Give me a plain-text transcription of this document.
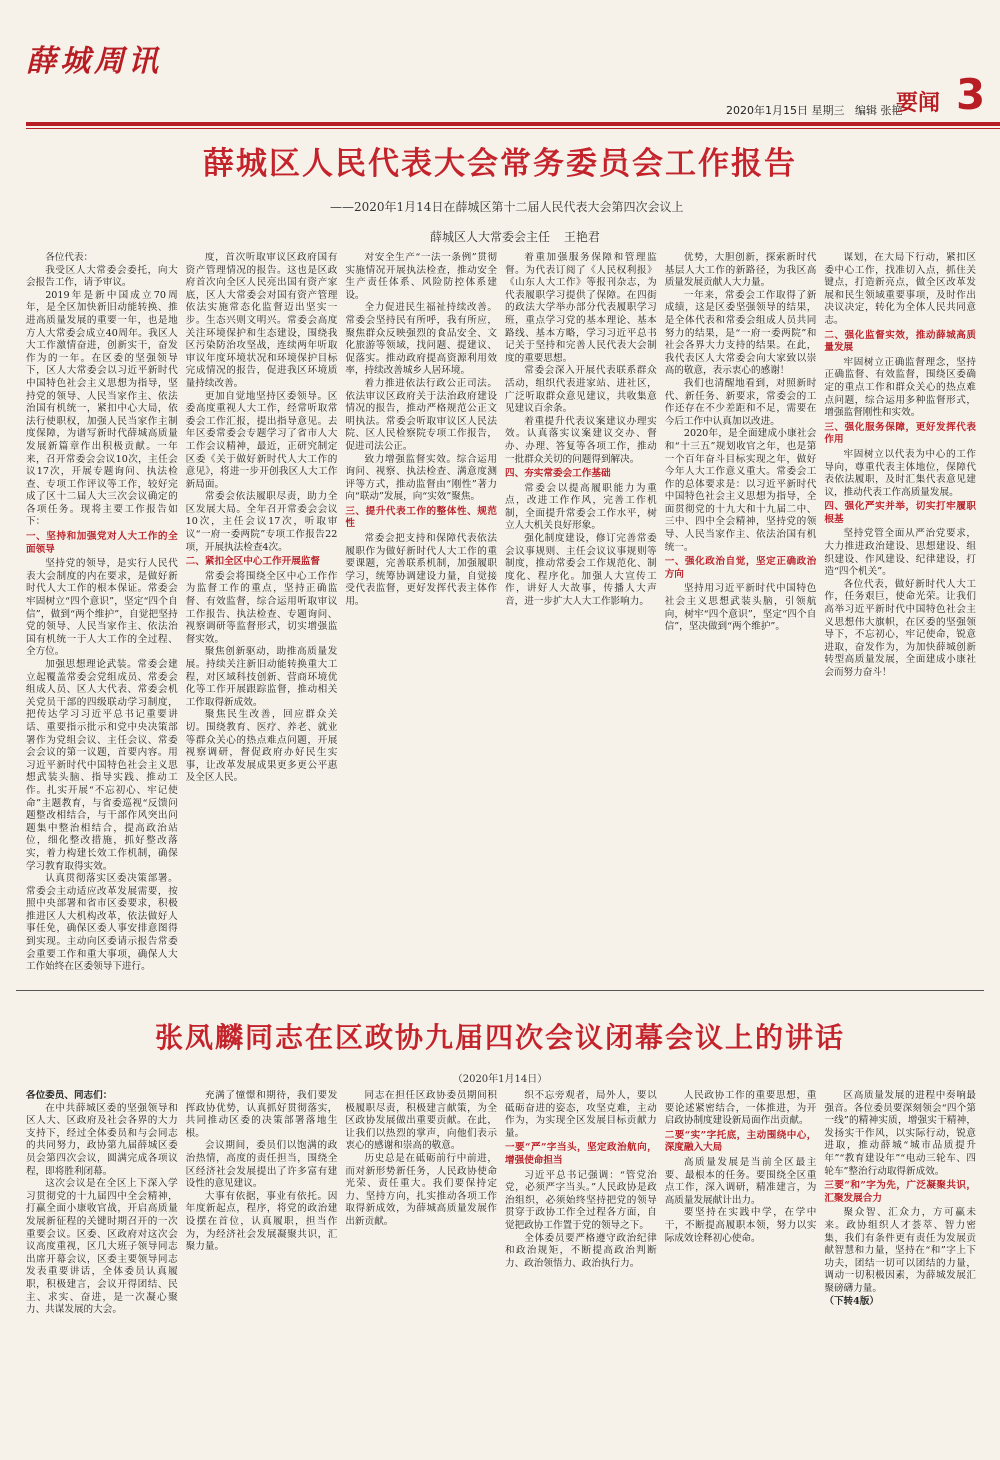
薛城周讯
2020年1月15日 星期三 编辑 张艳
要闻 3
薛城区人民代表大会常务委员会工作报告
——2020年1月14日在薛城区第十二届人民代表大会第四次会议上
薛城区人大常委会主任 王艳君

各位代表：

我受区人大常委会委托，向大会报告工作，请予审议。

2019年是新中国成立70周年，是全区加快新旧动能转换、推进高质量发展的重要一年，也是地方人大常委会成立40周年。我区人大工作激情奋进，创新实干，奋发作为的一年。在区委的坚强领导下，区人大常委会以习近平新时代中国特色社会主义思想为指导，坚持党的领导、人民当家作主、依法治国有机统一，紧扣中心大局，依法行使职权，加强人民当家作主制度保障，为谱写新时代薛城高质量发展新篇章作出积极贡献。一年来，召开常委会会议10次，主任会议17次，开展专题询问、执法检查、专项工作评议等工作，较好完成了区十二届人大三次会议确定的各项任务。现将主要工作报告如下：

一、坚持和加强党对人大工作的全面领导

坚持党的领导，是实行人民代表大会制度的内在要求，是做好新时代人大工作的根本保证。常委会牢固树立“四个意识”，坚定“四个自信”，做到“两个维护”，自觉把坚持党的领导、人民当家作主、依法治国有机统一于人大工作的全过程、全方位。

加强思想理论武装。常委会建立起覆盖常委会党组成员、常委会组成人员、区人大代表、常委会机关党员干部的四级联动学习制度，把传达学习习近平总书记重要讲话、重要指示批示和党中央决策部署作为党组会议、主任会议、常委会会议的第一议题，首要内容。用习近平新时代中国特色社会主义思想武装头脑、指导实践、推动工作。扎实开展“不忘初心、牢记使命”主题教育，与省委巡视“反馈问题整改相结合，与干部作风突出问题集中整治相结合，提高政治站位，细化整改措施，抓好整改落实，着力构建长效工作机制，确保学习教育取得实效。

认真贯彻落实区委决策部署。常委会主动适应改革发展需要，按照中央部署和省市区委要求，积极推进区人大机构改革，依法做好人事任免，确保区委人事安排意图得到实现。主动向区委请示报告常委会重要工作和重大事项，确保人大工作始终在区委领导下进行。

度，首次听取审议区政府国有资产管理情况的报告。这也是区政府首次向全区人民亮出国有资产家底，区人大常委会对国有资产管理依法实施常态化监督迈出坚实一步。生态兴则文明兴。常委会高度关注环境保护和生态建设，围绕我区污染防治攻坚战，连续两年听取审议年度环境状况和环境保护目标完成情况的报告，促进我区环境质量持续改善。

更加自觉地坚持区委领导。区委高度重视人大工作，经常听取常委会工作汇报，提出指导意见。去年区委常委会专题学习了省市人大工作会议精神，最近，正研究制定区委《关于做好新时代人大工作的意见》，将进一步开创我区人大工作新局面。

常委会依法履职尽责，助力全区发展大局。全年召开常委会会议10次，主任会议17次，听取审议“一府一委两院”专项工作报告22项，开展执法检查4次。

二、紧扣全区中心工作开展监督

常委会将围绕全区中心工作作为监督工作的重点，坚持正确监督、有效监督，综合运用听取审议工作报告、执法检查、专题询问、视察调研等监督形式，切实增强监督实效。

聚焦创新驱动，助推高质量发展。持续关注新旧动能转换重大工程，对区域科技创新、营商环境优化等工作开展跟踪监督，推动相关工作取得新成效。

聚焦民生改善，回应群众关切。围绕教育、医疗、养老、就业等群众关心的热点难点问题，开展视察调研，督促政府办好民生实事，让改革发展成果更多更公平惠及全区人民。

对安全生产“一法一条例”贯彻实施情况开展执法检查，推动安全生产责任体系、风险防控体系建设。

全力促进民生福祉持续改善。常委会坚持民有所呼，我有所应，聚焦群众反映强烈的食品安全、文化旅游等领域，找问题、提建议、促落实。推动政府提高资源利用效率，持续改善城乡人居环境。

着力推进依法行政公正司法。依法审议区政府关于法治政府建设情况的报告，推动严格规范公正文明执法。常委会听取审议区人民法院、区人民检察院专项工作报告，促进司法公正。

致力增强监督实效。综合运用询问、视察、执法检查、满意度测评等方式，推动监督由“刚性”著力向“联动”发展，向“实效”聚焦。

三、提升代表工作的整体性、规范性

常委会把支持和保障代表依法履职作为做好新时代人大工作的重要课题，完善联系机制，加强履职学习，统筹协调建设力量，自觉接受代表监督，更好发挥代表主体作用。

着重加强服务保障和管理监督。为代表订阅了《人民权利报》《山东人大工作》等报刊杂志，为代表履职学习提供了保障。在四街的政法大学举办部分代表履职学习班，重点学习党的基本理论、基本路线、基本方略，学习习近平总书记关于坚持和完善人民代表大会制度的重要思想。

常委会深入开展代表联系群众活动，组织代表进家站、进社区，广泛听取群众意见建议，共收集意见建议百余条。

着重提升代表议案建议办理实效。认真落实议案建议交办、督办、办理、答复等各项工作，推动一批群众关切的问题得到解决。

四、夯实常委会工作基础

常委会以提高履职能力为重点，改进工作作风，完善工作机制，全面提升常委会工作水平，树立人大机关良好形象。

强化制度建设，修订完善常委会议事规则、主任会议议事规则等制度，推动常委会工作规范化、制度化、程序化。加强人大宣传工作，讲好人大故事，传播人大声音，进一步扩大人大工作影响力。

优势，大胆创新，探索新时代基层人大工作的新路径，为我区高质量发展贡献人大力量。

一年来，常委会工作取得了新成绩，这是区委坚强领导的结果，是全体代表和常委会组成人员共同努力的结果，是“一府一委两院”和社会各界大力支持的结果。在此，我代表区人大常委会向大家致以崇高的敬意，表示衷心的感谢！

我们也清醒地看到，对照新时代、新任务、新要求，常委会的工作还存在不少差距和不足，需要在今后工作中认真加以改进。

2020年，是全面建成小康社会和“十三五”规划收官之年，也是第一个百年奋斗目标实现之年，做好今年人大工作意义重大。常委会工作的总体要求是：以习近平新时代中国特色社会主义思想为指导，全面贯彻党的十九大和十九届二中、三中、四中全会精神，坚持党的领导、人民当家作主、依法治国有机统一。

一、强化政治自觉，坚定正确政治方向

坚持用习近平新时代中国特色社会主义思想武装头脑，引领航向，树牢“四个意识”，坚定“四个自信”，坚决做到“两个维护”。

谋划，在大局下行动，紧扣区委中心工作，找准切入点，抓住关键点，打造新亮点，做全区改革发展和民生领域重要事项，及时作出决议决定，转化为全体人民共同意志。

二、强化监督实效，推动薛城高质量发展

牢固树立正确监督理念，坚持正确监督、有效监督，围绕区委确定的重点工作和群众关心的热点难点问题，综合运用多种监督形式，增强监督刚性和实效。

三、强化服务保障，更好发挥代表作用

牢固树立以代表为中心的工作导向，尊重代表主体地位，保障代表依法履职，及时汇集代表意见建议，推动代表工作高质量发展。

四、强化严实并举，切实打牢履职根基

坚持党管全面从严治党要求，大力推进政治建设、思想建设、组织建设、作风建设、纪律建设，打造“四个机关”。

各位代表，做好新时代人大工作，任务艰巨，使命光荣。让我们高举习近平新时代中国特色社会主义思想伟大旗帜，在区委的坚强领导下，不忘初心，牢记使命，锐意进取，奋发作为，为加快薛城创新转型高质量发展，全面建成小康社会而努力奋斗！

张凤麟同志在区政协九届四次会议闭幕会议上的讲话
（2020年1月14日）

各位委员、同志们：

在中共薛城区委的坚强领导和区人大、区政府及社会各界的大力支持下，经过全体委员和与会同志的共同努力，政协第九届薛城区委员会第四次会议，圆满完成各项议程，即将胜利闭幕。

这次会议是在全区上下深入学习贯彻党的十九届四中全会精神，打赢全面小康收官战，开启高质量发展新征程的关键时期召开的一次重要会议。区委、区政府对这次会议高度重视，区几大班子领导同志出席开幕会议，区委主要领导同志发表重要讲话，全体委员认真履职，积极建言，会议开得团结、民主、求实、奋进，是一次凝心聚力、共谋发展的大会。

充满了憧憬和期待，我们要发挥政协优势，认真抓好贯彻落实，共同推动区委的决策部署落地生根。

会议期间，委员们以饱满的政治热情，高度的责任担当，围绕全区经济社会发展提出了许多富有建设性的意见建议。

大事有依据，事业有依托。因年度新起点，程序，将党的政治建设摆在首位，认真履职，担当作为，为经济社会发展凝聚共识，汇聚力量。

同志在担任区政协委员期间积极履职尽责，积极建言献策，为全区政协发展做出重要贡献。在此，让我们以热烈的掌声，向他们表示衷心的感谢和崇高的敬意。

历史总是在砥砺前行中前进，而对新形势新任务，人民政协使命光荣、责任重大。我们要保持定力、坚持方向，扎实推动各项工作取得新成效，为薛城高质量发展作出新贡献。

织不忘旁观者，局外人，要以砥砺奋进的姿态，攻坚克难，主动作为，为实现全区发展目标贡献力量。

一要“严”字当头，坚定政治航向，增强使命担当

习近平总书记强调：“管党治党，必须严字当头。”人民政协是政治组织，必须始终坚持把党的领导贯穿于政协工作全过程各方面，自觉把政协工作置于党的领导之下。

全体委员要严格遵守政治纪律和政治规矩，不断提高政治判断力、政治领悟力、政治执行力。

人民政协工作的重要思想，重要论述紧密结合，一体推进，为开启政协制度建设新局面作出贡献。

二要“实”字托底，主动围绕中心，深度融入大局

高质量发展是当前全区最主要、最根本的任务。要围绕全区重点工作，深入调研，精准建言，为高质量发展献计出力。

要坚持在实践中学，在学中干，不断提高履职本领，努力以实际成效诠释初心使命。

区高质量发展的进程中奏响最强音。各位委员要深刻领会“四个第一线”的精神实质，增强实干精神，发扬实干作风，以实际行动，锐意进取，推动薛城“城市品质提升年”“教育建设年”“电动三轮车、四轮车”整治行动取得新成效。

三要“和”字为先，广泛凝聚共识，汇聚发展合力

聚众智、汇众力，方可赢未来。政协组织人才荟萃、智力密集，我们有条件更有责任为发展贡献智慧和力量，坚持在“和”字上下功夫，团结一切可以团结的力量，调动一切积极因素，为薛城发展汇聚磅礴力量。

（下转4版）
